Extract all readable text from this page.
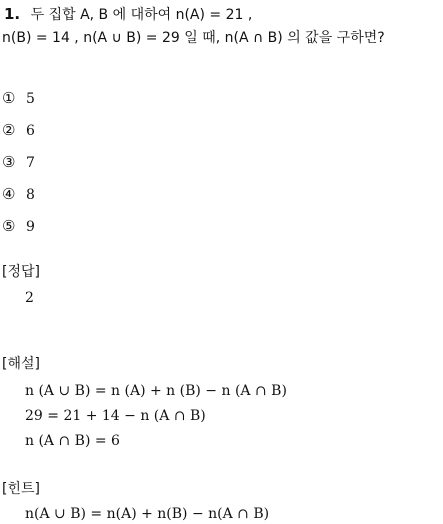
1. 두 집합 A, B 에 대하여 n(A) = 21 ,
n(B) = 14 , n(A ∪ B) = 29 일 때, n(A ∩ B) 의 값을 구하면?
① 5
② 6
③ 7
④ 8
⑤ 9
[정답]
2
[해설]
n (A ∪ B) = n (A) + n (B) − n (A ∩ B)
29 = 21 + 14 − n (A ∩ B)
n (A ∩ B) = 6
[힌트]
n(A ∪ B) = n(A) + n(B) − n(A ∩ B)
